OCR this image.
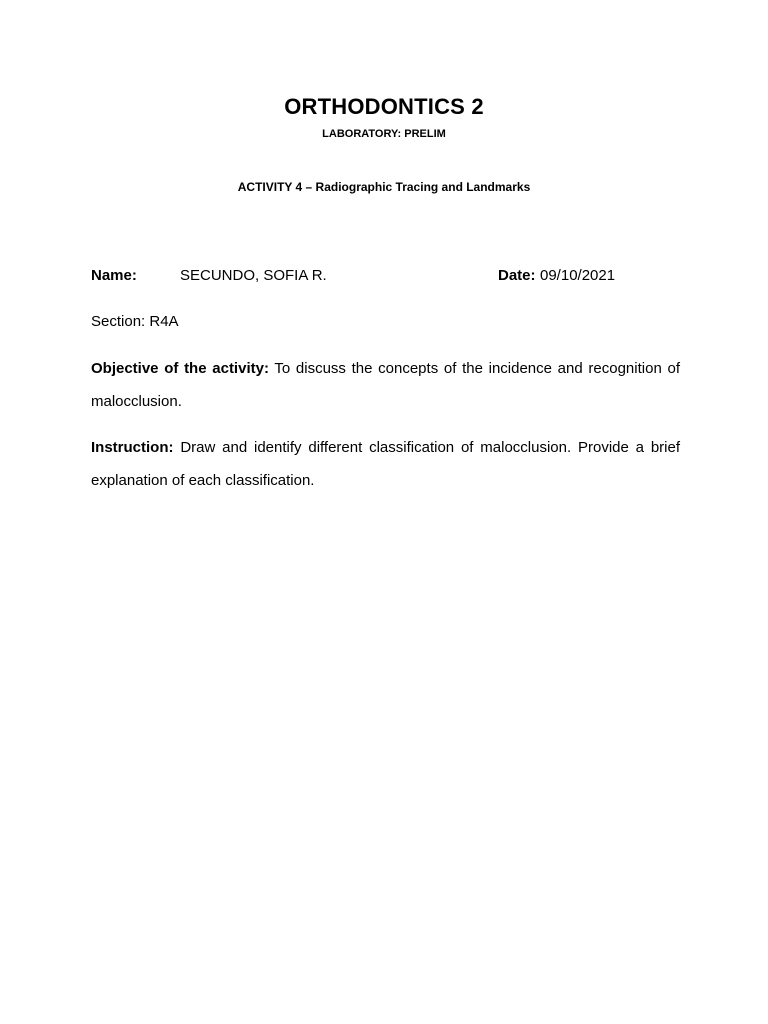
ORTHODONTICS 2
LABORATORY: PRELIM
ACTIVITY 4 – Radiographic Tracing and Landmarks
Name:	SECUNDO, SOFIA R.	Date: 09/10/2021
Section: R4A
Objective of the activity: To discuss the concepts of the incidence and recognition of malocclusion.
Instruction: Draw and identify different classification of malocclusion. Provide a brief explanation of each classification.
